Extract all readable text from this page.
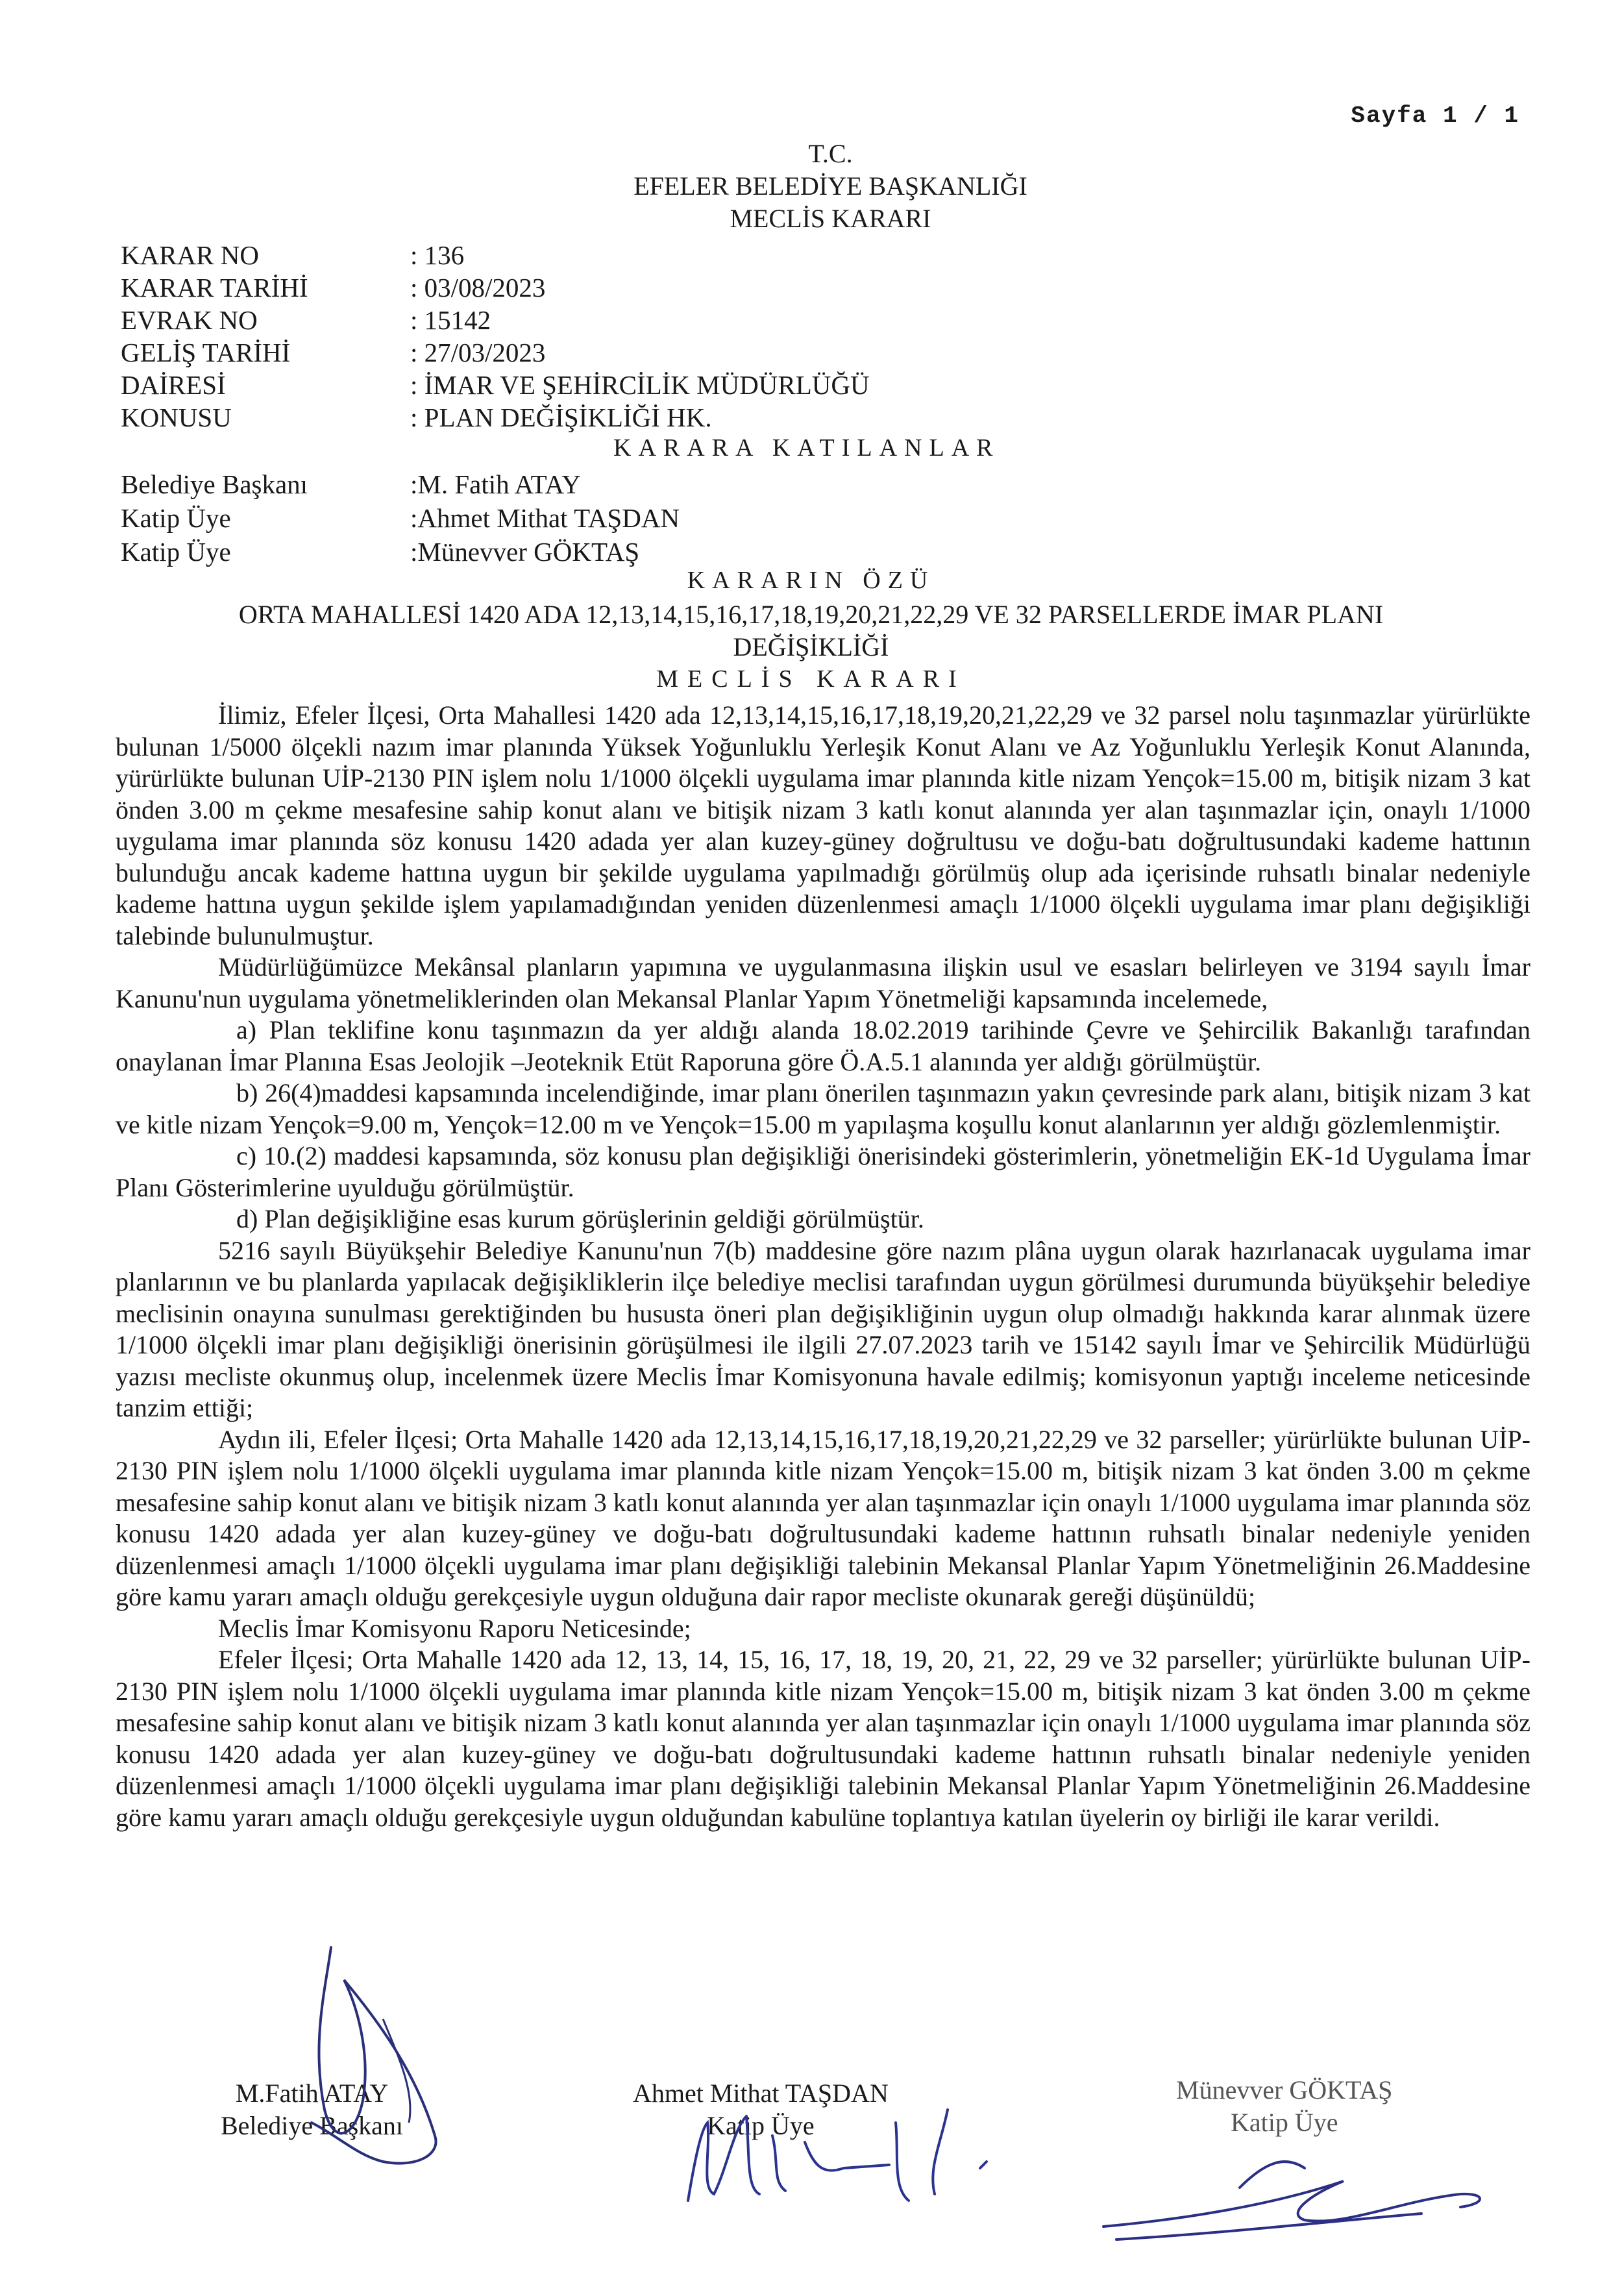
Sayfa 1 / 1
T.C.
EFELER BELEDİYE BAŞKANLIĞI
MECLİS KARARI
KARAR NO	: 136
KARAR TARİHİ	: 03/08/2023
EVRAK NO	: 15142
GELİŞ TARİHİ	: 27/03/2023
DAİRESİ	: İMAR VE ŞEHİRCİLİK MÜDÜRLÜĞÜ
KONUSU	: PLAN DEĞİŞİKLİĞİ HK.
KARARA KATILANLAR
Belediye Başkanı	:M. Fatih ATAY
Katip Üye	:Ahmet Mithat TAŞDAN
Katip Üye	:Münevver GÖKTAŞ
KARARIN ÖZÜ
ORTA MAHALLESİ 1420 ADA 12,13,14,15,16,17,18,19,20,21,22,29 VE 32 PARSELLERDE İMAR PLANI DEĞİŞİKLİĞİ
MECLİS KARARI

İlimiz, Efeler İlçesi, Orta Mahallesi 1420 ada 12,13,14,15,16,17,18,19,20,21,22,29 ve 32 parsel nolu taşınmazlar yürürlükte bulunan 1/5000 ölçekli nazım imar planında Yüksek Yoğunluklu Yerleşik Konut Alanı ve Az Yoğunluklu Yerleşik Konut Alanında, yürürlükte bulunan UİP-2130 PIN işlem nolu 1/1000 ölçekli uygulama imar planında kitle nizam Yençok=15.00 m, bitişik nizam 3 kat önden 3.00 m çekme mesafesine sahip konut alanı ve bitişik nizam 3 katlı konut alanında yer alan taşınmazlar için, onaylı 1/1000 uygulama imar planında söz konusu 1420 adada yer alan kuzey-güney doğrultusu ve doğu-batı doğrultusundaki kademe hattının bulunduğu ancak kademe hattına uygun bir şekilde uygulama yapılmadığı görülmüş olup ada içerisinde ruhsatlı binalar nedeniyle kademe hattına uygun şekilde işlem yapılamadığından yeniden düzenlenmesi amaçlı 1/1000 ölçekli uygulama imar planı değişikliği talebinde bulunulmuştur.

Müdürlüğümüzce Mekânsal planların yapımına ve uygulanmasına ilişkin usul ve esasları belirleyen ve 3194 sayılı İmar Kanunu'nun uygulama yönetmeliklerinden olan Mekansal Planlar Yapım Yönetmeliği kapsamında incelemede,

a) Plan teklifine konu taşınmazın da yer aldığı alanda 18.02.2019 tarihinde Çevre ve Şehircilik Bakanlığı tarafından onaylanan İmar Planına Esas Jeolojik –Jeoteknik Etüt Raporuna göre Ö.A.5.1 alanında yer aldığı görülmüştür.

b) 26(4)maddesi kapsamında incelendiğinde, imar planı önerilen taşınmazın yakın çevresinde park alanı, bitişik nizam 3 kat ve kitle nizam Yençok=9.00 m, Yençok=12.00 m ve Yençok=15.00 m yapılaşma koşullu konut alanlarının yer aldığı gözlemlenmiştir.

c) 10.(2) maddesi kapsamında, söz konusu plan değişikliği önerisindeki gösterimlerin, yönetmeliğin EK-1d Uygulama İmar Planı Gösterimlerine uyulduğu görülmüştür.

d) Plan değişikliğine esas kurum görüşlerinin geldiği görülmüştür.

5216 sayılı Büyükşehir Belediye Kanunu'nun 7(b) maddesine göre nazım plâna uygun olarak hazırlanacak uygulama imar planlarının ve bu planlarda yapılacak değişikliklerin ilçe belediye meclisi tarafından uygun görülmesi durumunda büyükşehir belediye meclisinin onayına sunulması gerektiğinden bu hususta öneri plan değişikliğinin uygun olup olmadığı hakkında karar alınmak üzere 1/1000 ölçekli imar planı değişikliği önerisinin görüşülmesi ile ilgili 27.07.2023 tarih ve 15142 sayılı İmar ve Şehircilik Müdürlüğü yazısı mecliste okunmuş olup, incelenmek üzere Meclis İmar Komisyonuna havale edilmiş; komisyonun yaptığı inceleme neticesinde tanzim ettiği;

Aydın ili, Efeler İlçesi; Orta Mahalle 1420 ada 12,13,14,15,16,17,18,19,20,21,22,29 ve 32 parseller; yürürlükte bulunan UİP-2130 PIN işlem nolu 1/1000 ölçekli uygulama imar planında kitle nizam Yençok=15.00 m, bitişik nizam 3 kat önden 3.00 m çekme mesafesine sahip konut alanı ve bitişik nizam 3 katlı konut alanında yer alan taşınmazlar için onaylı 1/1000 uygulama imar planında söz konusu 1420 adada yer alan kuzey-güney ve doğu-batı doğrultusundaki kademe hattının ruhsatlı binalar nedeniyle yeniden düzenlenmesi amaçlı 1/1000 ölçekli uygulama imar planı değişikliği talebinin Mekansal Planlar Yapım Yönetmeliğinin 26.Maddesine göre kamu yararı amaçlı olduğu gerekçesiyle uygun olduğuna dair rapor mecliste okunarak gereği düşünüldü;

Meclis İmar Komisyonu Raporu Neticesinde;

Efeler İlçesi; Orta Mahalle 1420 ada 12, 13, 14, 15, 16, 17, 18, 19, 20, 21, 22, 29 ve 32 parseller; yürürlükte bulunan UİP-2130 PIN işlem nolu 1/1000 ölçekli uygulama imar planında kitle nizam Yençok=15.00 m, bitişik nizam 3 kat önden 3.00 m çekme mesafesine sahip konut alanı ve bitişik nizam 3 katlı konut alanında yer alan taşınmazlar için onaylı 1/1000 uygulama imar planında söz konusu 1420 adada yer alan kuzey-güney ve doğu-batı doğrultusundaki kademe hattının ruhsatlı binalar nedeniyle yeniden düzenlenmesi amaçlı 1/1000 ölçekli uygulama imar planı değişikliği talebinin Mekansal Planlar Yapım Yönetmeliğinin 26.Maddesine göre kamu yararı amaçlı olduğu gerekçesiyle uygun olduğundan kabulüne toplantıya katılan üyelerin oy birliği ile karar verildi.

M.Fatih ATAY
Belediye Başkanı
Ahmet Mithat TAŞDAN
Katip Üye
Münevver GÖKTAŞ
Katip Üye
